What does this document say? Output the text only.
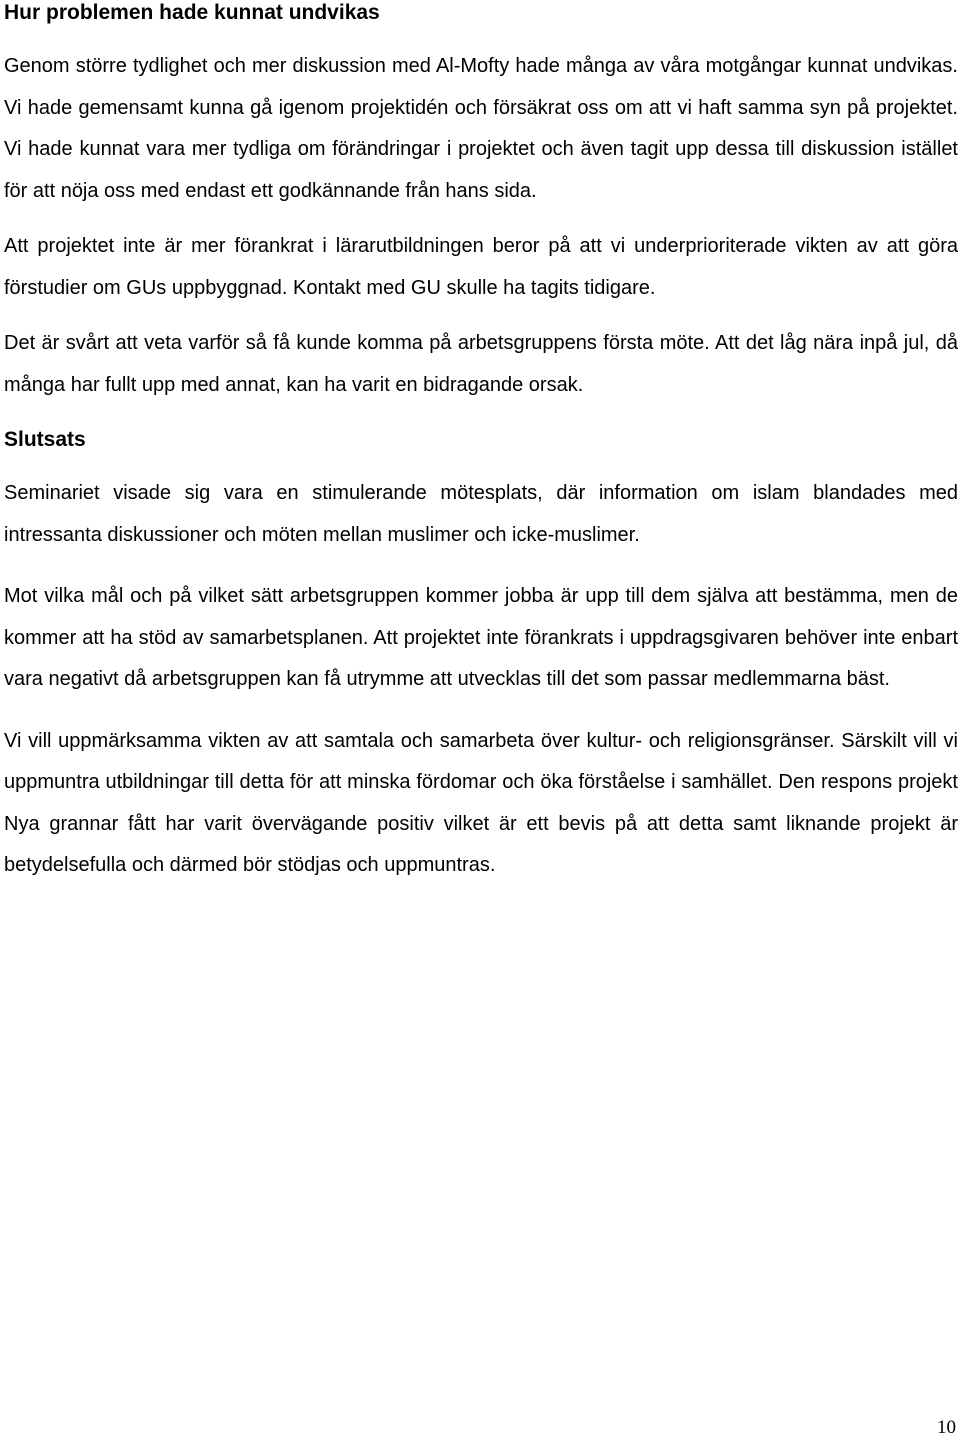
Hur problemen hade kunnat undvikas

Genom större tydlighet och mer diskussion med Al-Mofty hade många av våra motgångar kunnat undvikas. Vi hade gemensamt kunna gå igenom projektidén och försäkrat oss om att vi haft samma syn på projektet. Vi hade kunnat vara mer tydliga om förändringar i projektet och även tagit upp dessa till diskussion istället för att nöja oss med endast ett godkännande från hans sida.

Att projektet inte är mer förankrat i lärarutbildningen beror på att vi underprioriterade vikten av att göra förstudier om GUs uppbyggnad. Kontakt med GU skulle ha tagits tidigare.

Det är svårt att veta varför så få kunde komma på arbetsgruppens första möte. Att det låg nära inpå jul, då många har fullt upp med annat, kan ha varit en bidragande orsak.

Slutsats

Seminariet visade sig vara en stimulerande mötesplats, där information om islam blandades med intressanta diskussioner och möten mellan muslimer och icke-muslimer.

Mot vilka mål och på vilket sätt arbetsgruppen kommer jobba är upp till dem själva att bestämma, men de kommer att ha stöd av samarbetsplanen. Att projektet inte förankrats i uppdragsgivaren behöver inte enbart vara negativt då arbetsgruppen kan få utrymme att utvecklas till det som passar medlemmarna bäst.

Vi vill uppmärksamma vikten av att samtala och samarbeta över kultur- och religionsgränser. Särskilt vill vi uppmuntra utbildningar till detta för att minska fördomar och öka förståelse i samhället. Den respons projekt Nya grannar fått har varit övervägande positiv vilket är ett bevis på att detta samt liknande projekt är betydelsefulla och därmed bör stödjas och uppmuntras.

10
